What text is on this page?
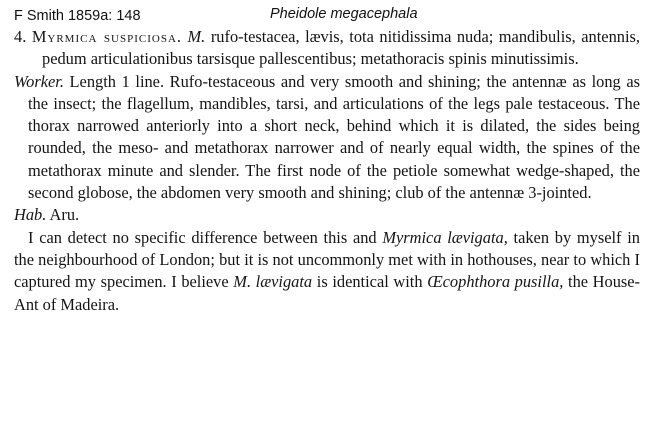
F Smith 1859a: 148	Pheidole megacephala

4. Myrmica suspiciosa. M. rufo-testacea, lævis, tota nitidissima nuda; mandibulis, antennis, pedum articulationibus tarsisque pallescentibus; metathoracis spinis minutissimis.

Worker. Length 1 line. Rufo-testaceous and very smooth and shining; the antennæ as long as the insect; the flagellum, mandibles, tarsi, and articulations of the legs pale testaceous. The thorax narrowed anteriorly into a short neck, behind which it is dilated, the sides being rounded, the meso- and metathorax narrower and of nearly equal width, the spines of the metathorax minute and slender. The first node of the petiole somewhat wedge-shaped, the second globose, the abdomen very smooth and shining; club of the antennæ 3-jointed.

Hab. Aru.

I can detect no specific difference between this and Myrmica lævigata, taken by myself in the neighbourhood of London; but it is not uncommonly met with in hothouses, near to which I captured my specimen. I believe M. lævigata is identical with Œcophthora pusilla, the House-Ant of Madeira.
